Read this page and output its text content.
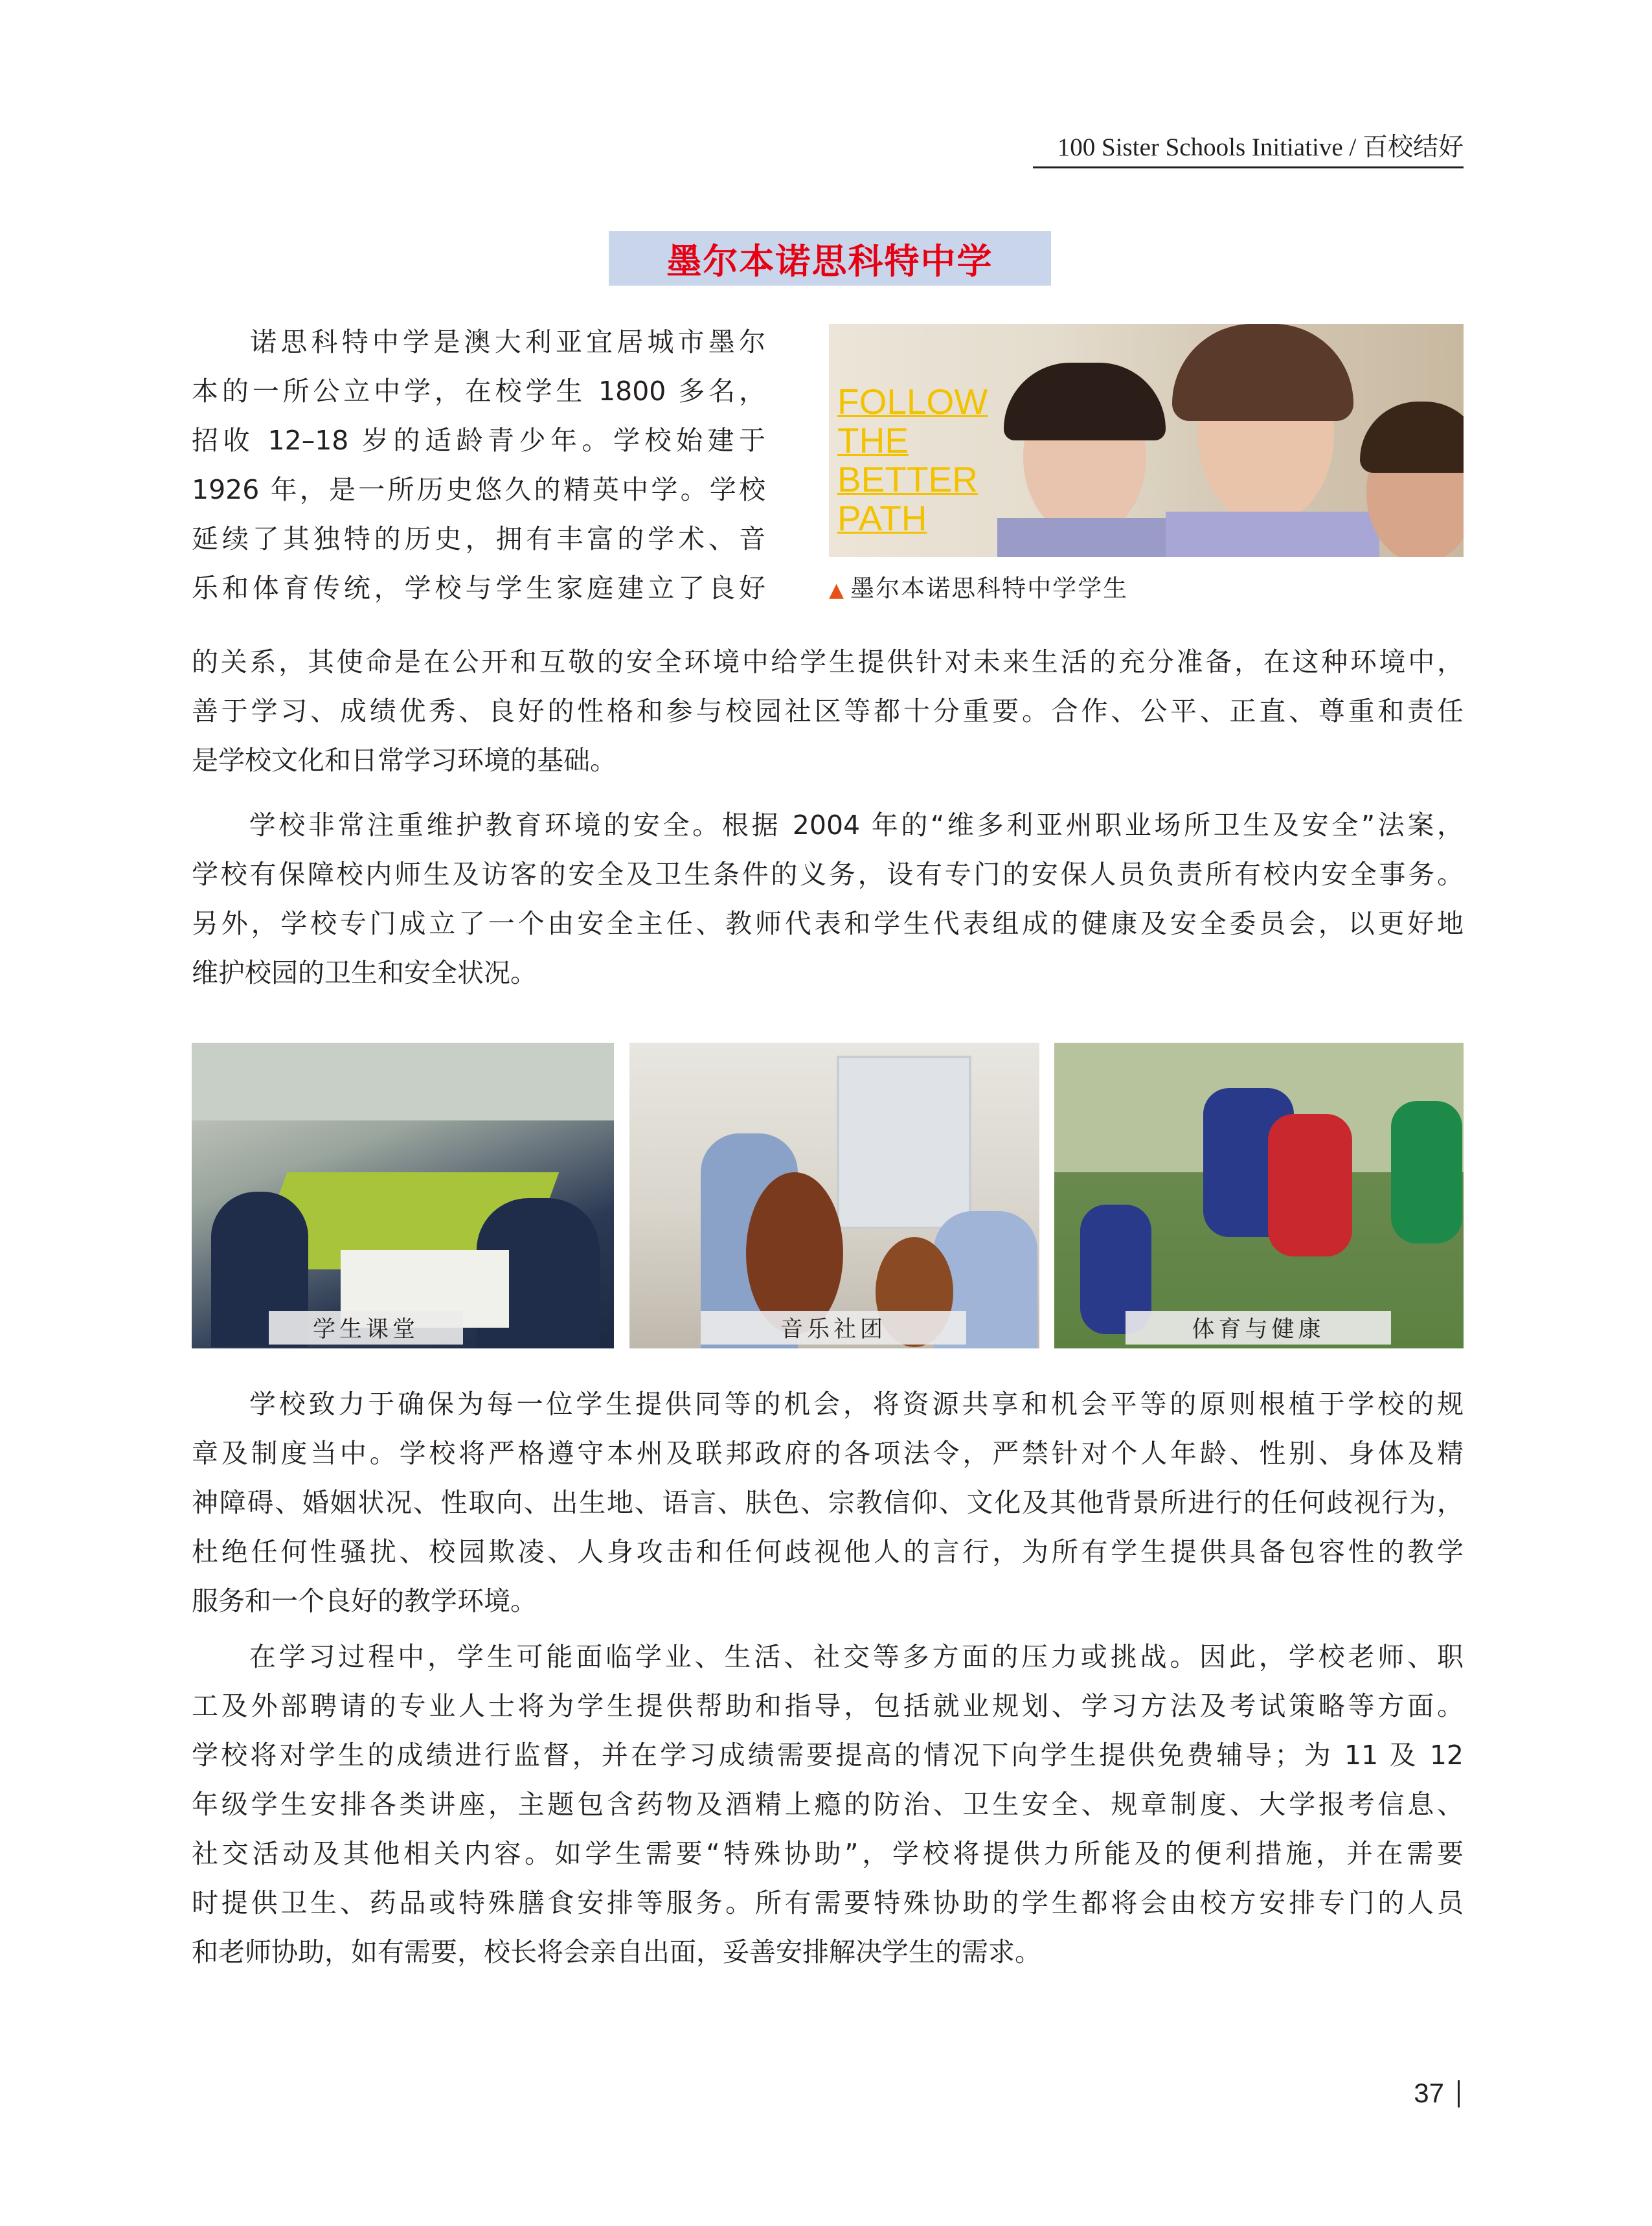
100 Sister Schools Initiative / 百校结好
墨尔本诺思科特中学
诺思科特中学是澳大利亚宜居城市墨尔
本的一所公立中学，在校学生 1800 多名，
招收 12–18 岁的适龄青少年。学校始建于
1926 年，是一所历史悠久的精英中学。学校
延续了其独特的历史，拥有丰富的学术、音
乐和体育传统，学校与学生家庭建立了良好
的关系，其使命是在公开和互敬的安全环境中给学生提供针对未来生活的充分准备，在这种环境中，
善于学习、成绩优秀、良好的性格和参与校园社区等都十分重要。合作、公平、正直、尊重和责任
是学校文化和日常学习环境的基础。
学校非常注重维护教育环境的安全。根据 2004 年的“维多利亚州职业场所卫生及安全”法案，
学校有保障校内师生及访客的安全及卫生条件的义务，设有专门的安保人员负责所有校内安全事务。
另外，学校专门成立了一个由安全主任、教师代表和学生代表组成的健康及安全委员会，以更好地
维护校园的卫生和安全状况。
FOLLOW
THE
BETTER
PATH
▲ 墨尔本诺思科特中学学生
学生课堂	音乐社团	体育与健康
学校致力于确保为每一位学生提供同等的机会，将资源共享和机会平等的原则根植于学校的规
章及制度当中。学校将严格遵守本州及联邦政府的各项法令，严禁针对个人年龄、性别、身体及精
神障碍、婚姻状况、性取向、出生地、语言、肤色、宗教信仰、文化及其他背景所进行的任何歧视行为，
杜绝任何性骚扰、校园欺凌、人身攻击和任何歧视他人的言行，为所有学生提供具备包容性的教学
服务和一个良好的教学环境。
在学习过程中，学生可能面临学业、生活、社交等多方面的压力或挑战。因此，学校老师、职
工及外部聘请的专业人士将为学生提供帮助和指导，包括就业规划、学习方法及考试策略等方面。
学校将对学生的成绩进行监督，并在学习成绩需要提高的情况下向学生提供免费辅导；为 11 及 12
年级学生安排各类讲座，主题包含药物及酒精上瘾的防治、卫生安全、规章制度、大学报考信息、
社交活动及其他相关内容。如学生需要“特殊协助”，学校将提供力所能及的便利措施，并在需要
时提供卫生、药品或特殊膳食安排等服务。所有需要特殊协助的学生都将会由校方安排专门的人员
和老师协助，如有需要，校长将会亲自出面，妥善安排解决学生的需求。
37
